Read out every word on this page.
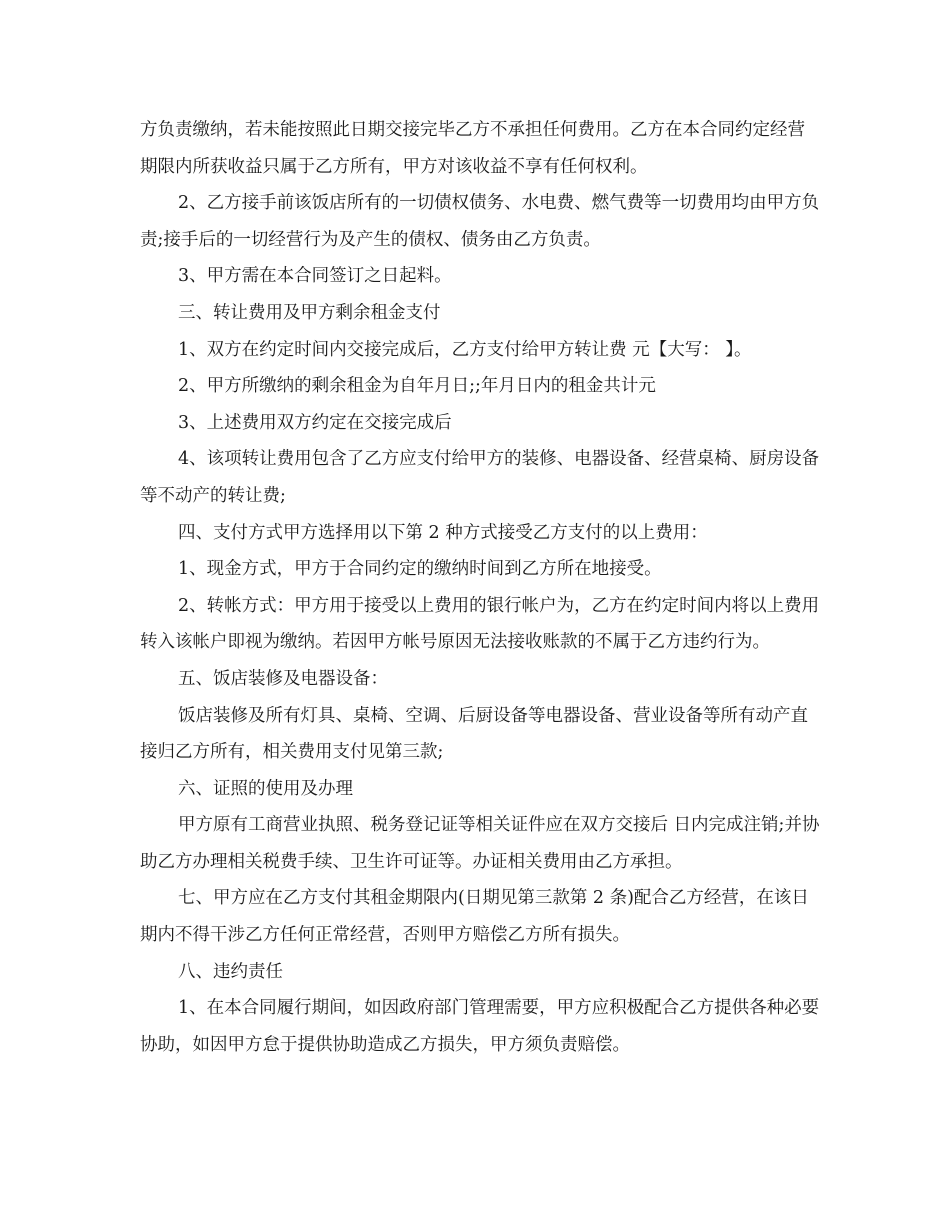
方负责缴纳，若未能按照此日期交接完毕乙方不承担任何费用。乙方在本合同约定经营期限内所获收益只属于乙方所有，甲方对该收益不享有任何权利。

2、乙方接手前该饭店所有的一切债权债务、水电费、燃气费等一切费用均由甲方负责;接手后的一切经营行为及产生的债权、债务由乙方负责。

3、甲方需在本合同签订之日起料。

三、转让费用及甲方剩余租金支付

1、双方在约定时间内交接完成后，乙方支付给甲方转让费 元【大写： 】。

2、甲方所缴纳的剩余租金为自年月日;;年月日内的租金共计元

3、上述费用双方约定在交接完成后

4、该项转让费用包含了乙方应支付给甲方的装修、电器设备、经营桌椅、厨房设备等不动产的转让费;

四、支付方式甲方选择用以下第 2 种方式接受乙方支付的以上费用：

1、现金方式，甲方于合同约定的缴纳时间到乙方所在地接受。

2、转帐方式：甲方用于接受以上费用的银行帐户为，乙方在约定时间内将以上费用转入该帐户即视为缴纳。若因甲方帐号原因无法接收账款的不属于乙方违约行为。

五、饭店装修及电器设备：

饭店装修及所有灯具、桌椅、空调、后厨设备等电器设备、营业设备等所有动产直接归乙方所有，相关费用支付见第三款;

六、证照的使用及办理

甲方原有工商营业执照、税务登记证等相关证件应在双方交接后 日内完成注销;并协助乙方办理相关税费手续、卫生许可证等。办证相关费用由乙方承担。

七、甲方应在乙方支付其租金期限内(日期见第三款第 2 条)配合乙方经营，在该日期内不得干涉乙方任何正常经营，否则甲方赔偿乙方所有损失。

八、违约责任

1、在本合同履行期间，如因政府部门管理需要，甲方应积极配合乙方提供各种必要协助，如因甲方怠于提供协助造成乙方损失，甲方须负责赔偿。
